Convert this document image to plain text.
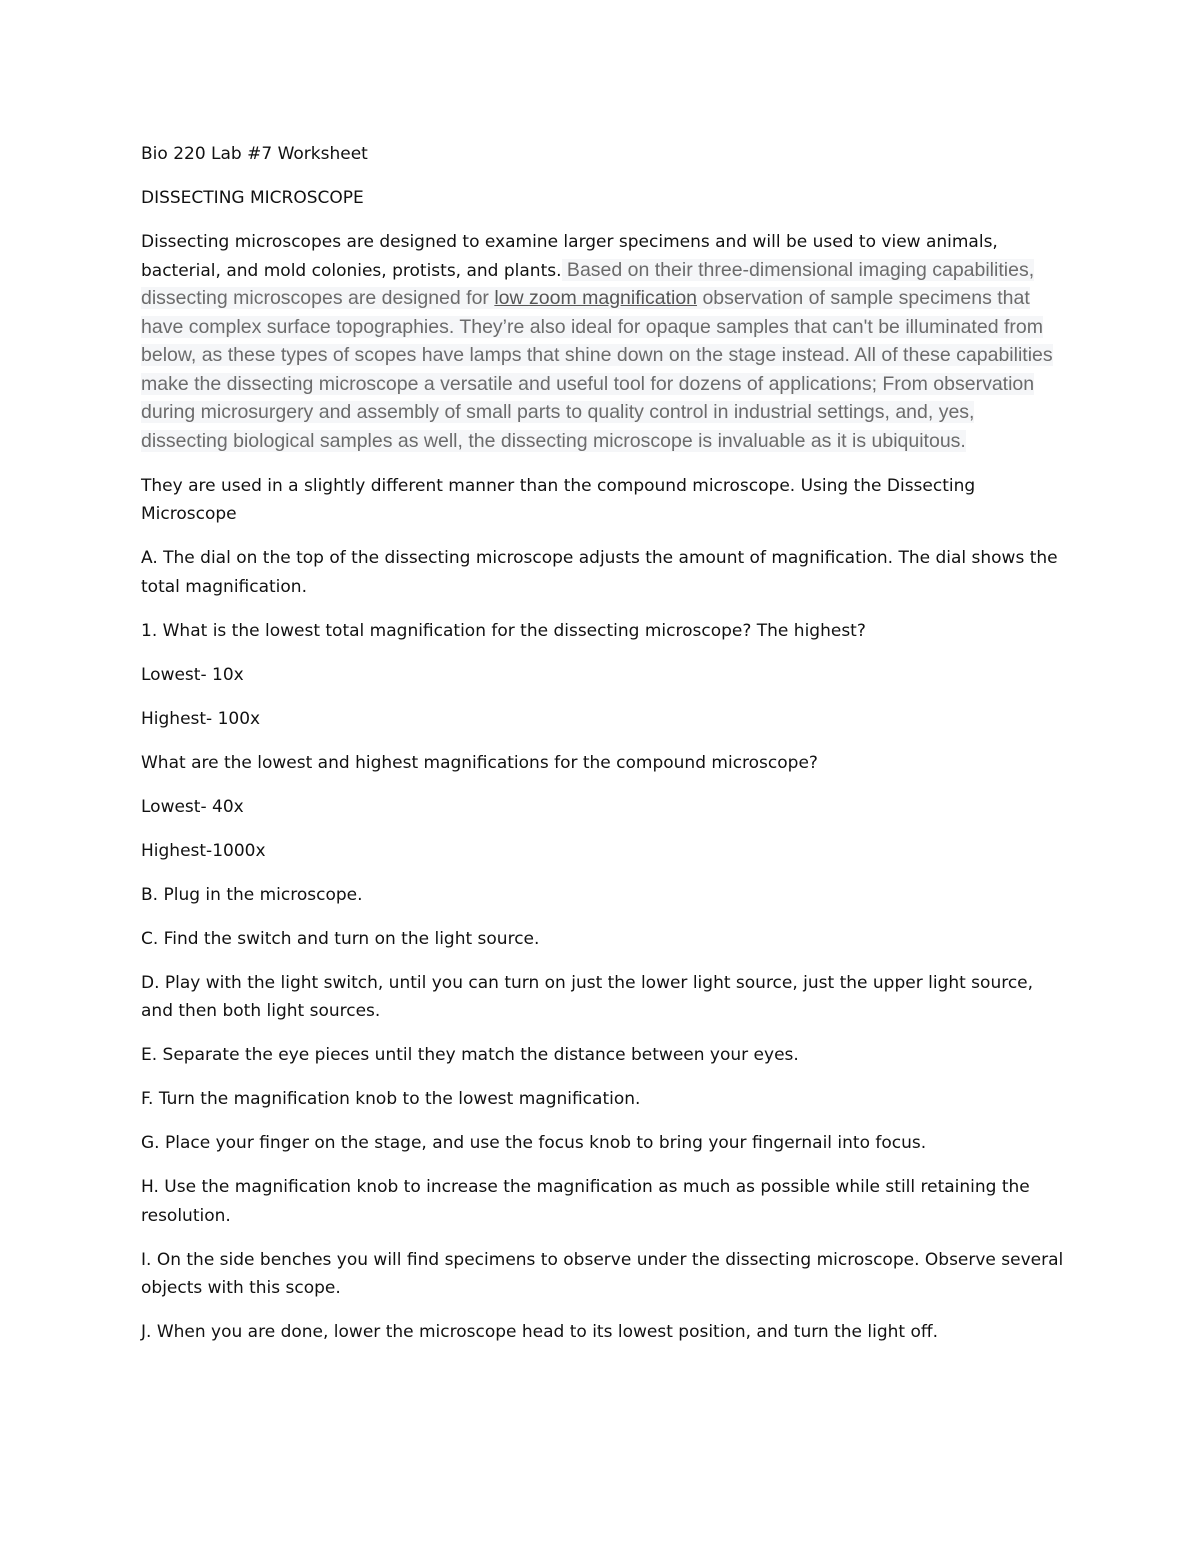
Bio 220 Lab #7 Worksheet

DISSECTING MICROSCOPE

Dissecting microscopes are designed to examine larger specimens and will be used to view animals, bacterial, and mold colonies, protists, and plants. Based on their three-dimensional imaging capabilities, dissecting microscopes are designed for low zoom magnification observation of sample specimens that have complex surface topographies. They’re also ideal for opaque samples that can't be illuminated from below, as these types of scopes have lamps that shine down on the stage instead. All of these capabilities make the dissecting microscope a versatile and useful tool for dozens of applications; From observation during microsurgery and assembly of small parts to quality control in industrial settings, and, yes, dissecting biological samples as well, the dissecting microscope is invaluable as it is ubiquitous.

They are used in a slightly different manner than the compound microscope. Using the Dissecting Microscope

A. The dial on the top of the dissecting microscope adjusts the amount of magnification. The dial shows the total magnification.

1. What is the lowest total magnification for the dissecting microscope? The highest?

Lowest- 10x

Highest- 100x

What are the lowest and highest magnifications for the compound microscope?

Lowest- 40x

Highest-1000x

B. Plug in the microscope.

C. Find the switch and turn on the light source.

D. Play with the light switch, until you can turn on just the lower light source, just the upper light source, and then both light sources.

E. Separate the eye pieces until they match the distance between your eyes.

F. Turn the magnification knob to the lowest magnification.

G. Place your finger on the stage, and use the focus knob to bring your fingernail into focus.

H. Use the magnification knob to increase the magnification as much as possible while still retaining the resolution.

I. On the side benches you will find specimens to observe under the dissecting microscope. Observe several objects with this scope.

J. When you are done, lower the microscope head to its lowest position, and turn the light off.
